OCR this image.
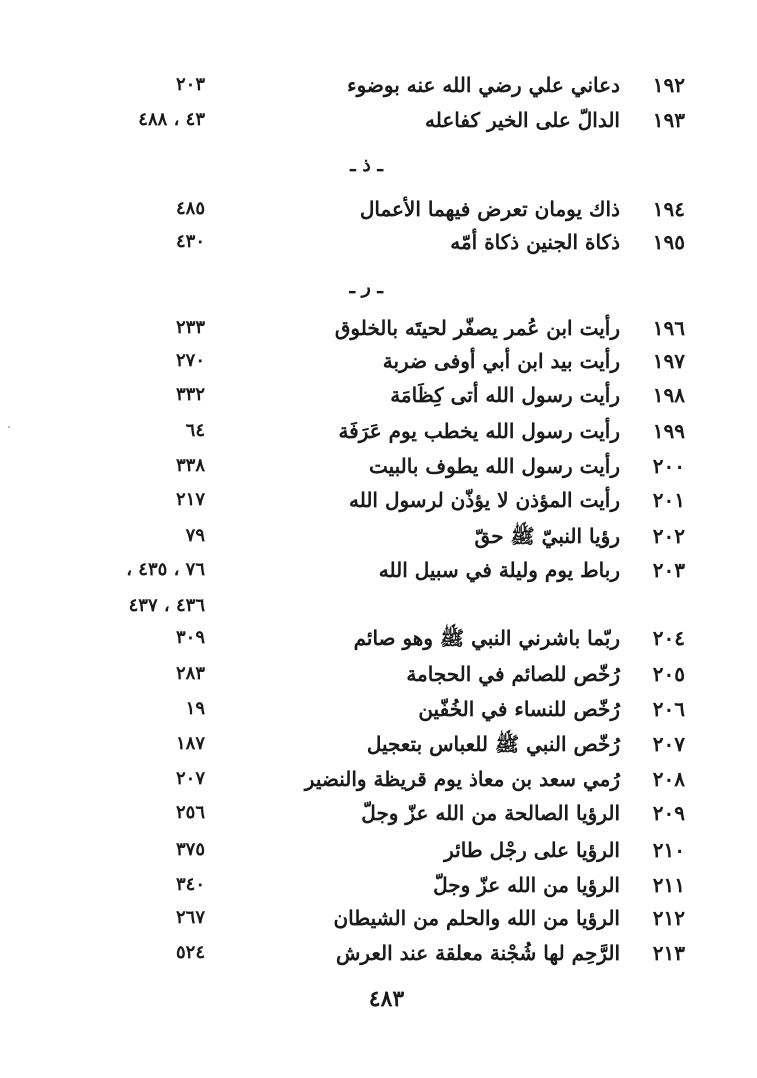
١٩٢
دعاني علي رضي الله عنه بوضوء
٢٠٣
١٩٣
الدالّ على الخير كفاعله
٤٣ ، ٤٨٨
ـ ذ ـ
١٩٤
ذاك يومان تعرض فيهما الأعمال
٤٨٥
١٩٥
ذكاة الجنين ذكاة أمّه
٤٣٠
ـ ر ـ
١٩٦
رأيت ابن عُمر يصفّر لحيتَه بالخلوق
٢٣٣
١٩٧
رأيت بيد ابن أبي أوفى ضربة
٢٧٠
١٩٨
رأيت رسول الله أتى كِظَامَة
٣٣٢
١٩٩
رأيت رسول الله يخطب يوم عَرَفَة
٦٤
٢٠٠
رأيت رسول الله يطوف بالبيت
٣٣٨
٢٠١
رأيت المؤذن لا يؤذّن لرسول الله
٢١٧
٢٠٢
رؤيا النبيّ ﷺ حقّ
٧٩
٢٠٣
رباط يوم وليلة في سبيل الله
٧٦ ، ٤٣٥ ،
٤٣٦ ، ٤٣٧
٢٠٤
ربّما باشرني النبي ﷺ وهو صائم
٣٠٩
٢٠٥
رُخّص للصائم في الحجامة
٢٨٣
٢٠٦
رُخّص للنساء في الخُفّين
١٩
٢٠٧
رُخّص النبي ﷺ للعباس بتعجيل
١٨٧
٢٠٨
رُمي سعد بن معاذ يوم قريظة والنضير
٢٠٧
٢٠٩
الرؤيا الصالحة من الله عزّ وجلّ
٢٥٦
٢١٠
الرؤيا على رجْل طائر
٣٧٥
٢١١
الرؤيا من الله عزّ وجلّ
٣٤٠
٢١٢
الرؤيا من الله والحلم من الشيطان
٢٦٧
٢١٣
الرَّحِم لها شُجْنة معلقة عند العرش
٥٢٤
٤٨٣
